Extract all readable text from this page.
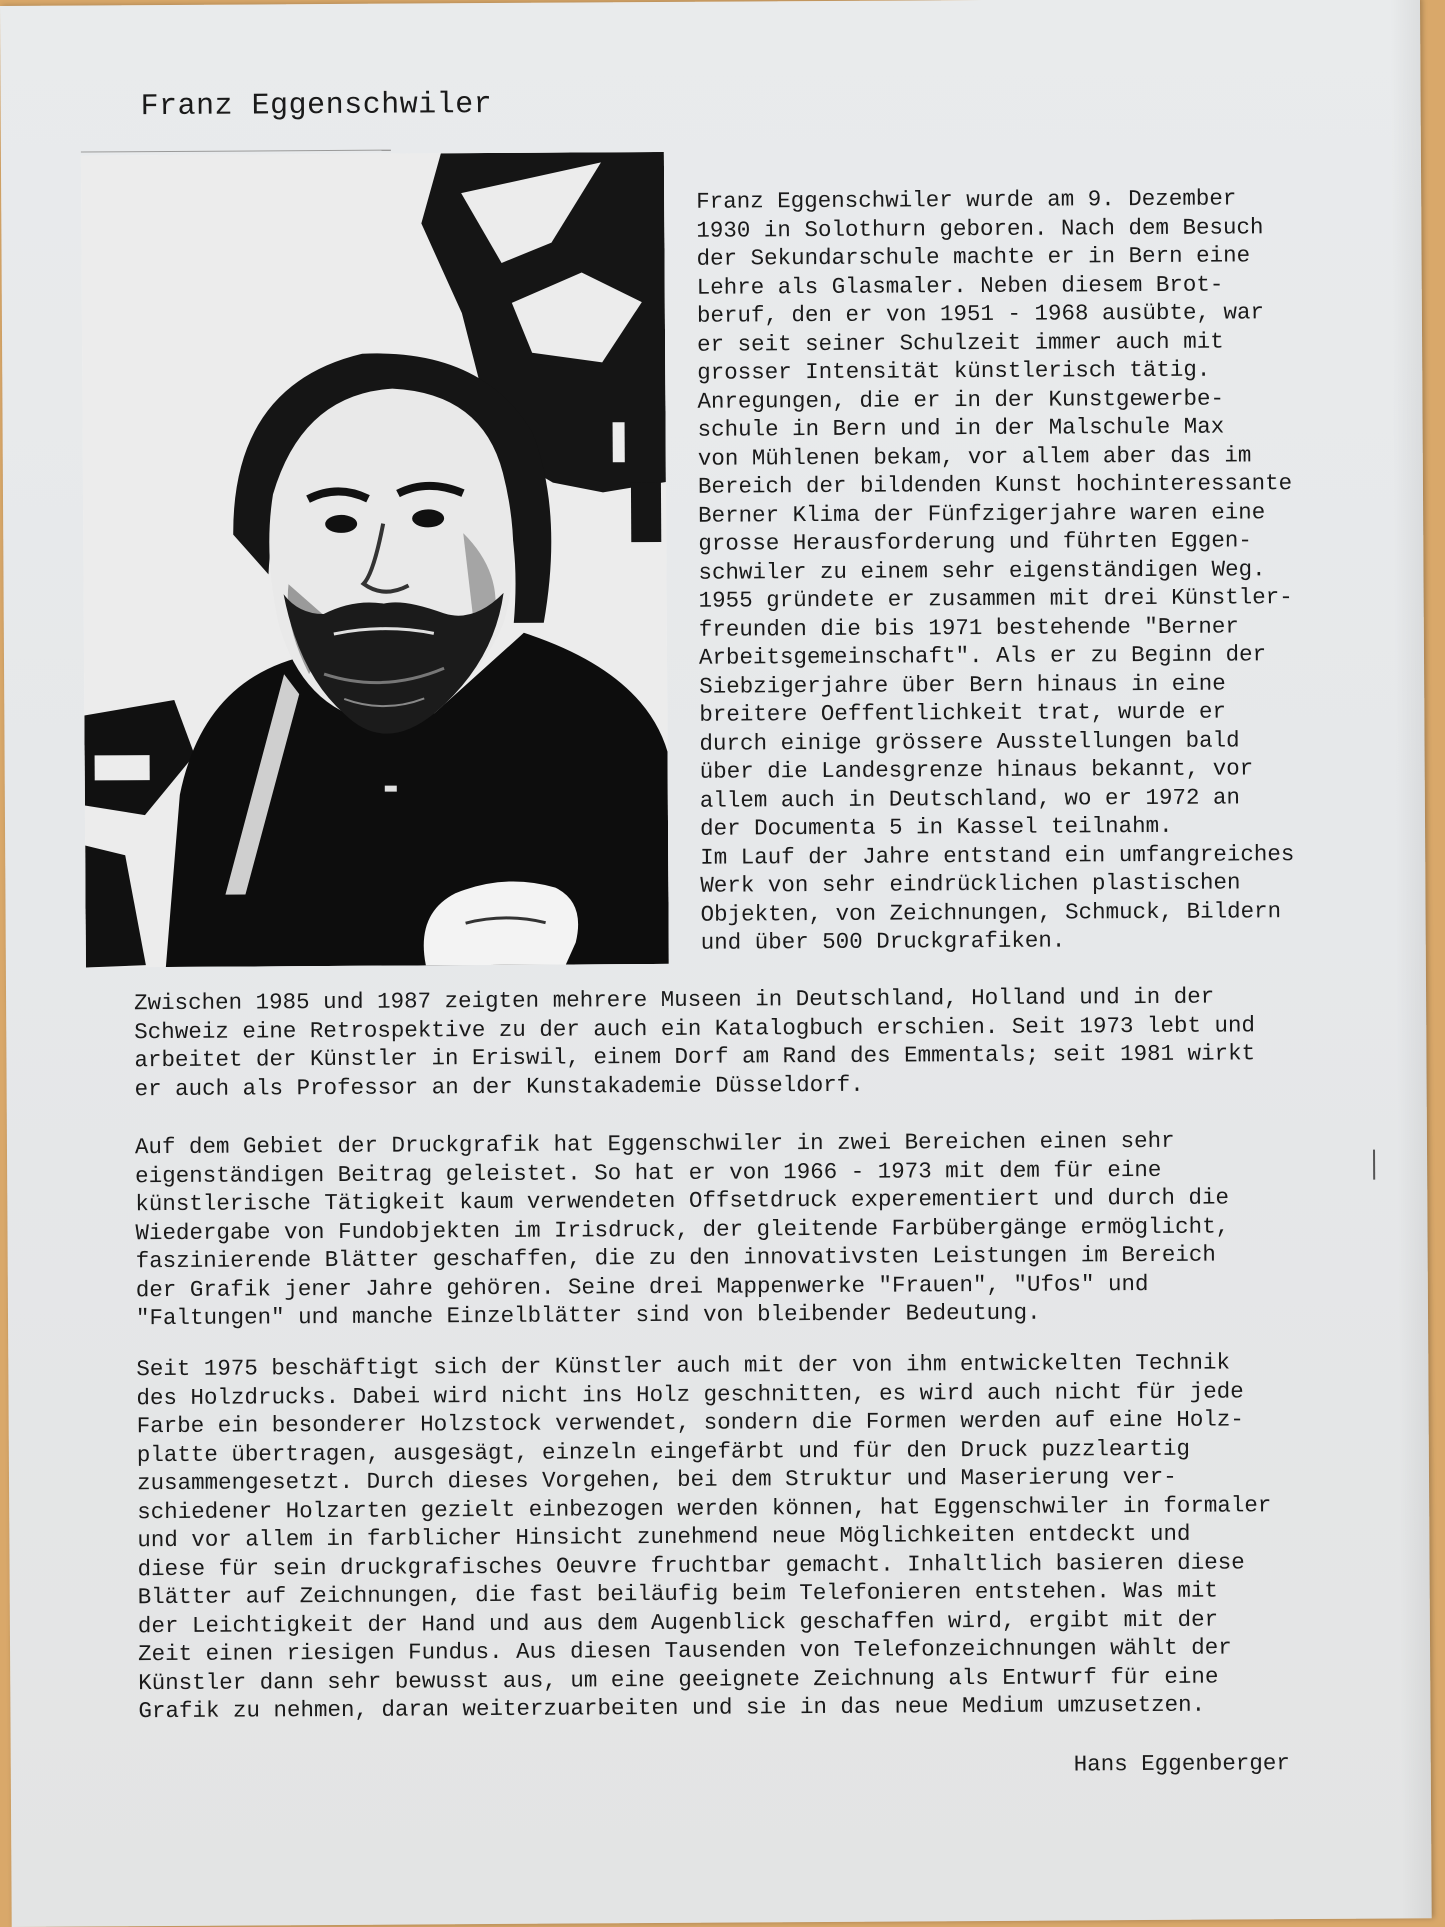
Franz Eggenschwiler

Franz Eggenschwiler wurde am 9. Dezember
1930 in Solothurn geboren. Nach dem Besuch
der Sekundarschule machte er in Bern eine
Lehre als Glasmaler. Neben diesem Brot-
beruf, den er von 1951 - 1968 ausübte, war
er seit seiner Schulzeit immer auch mit
grosser Intensität künstlerisch tätig.
Anregungen, die er in der Kunstgewerbe-
schule in Bern und in der Malschule Max
von Mühlenen bekam, vor allem aber das im
Bereich der bildenden Kunst hochinteressante
Berner Klima der Fünfzigerjahre waren eine
grosse Herausforderung und führten Eggen-
schwiler zu einem sehr eigenständigen Weg.
1955 gründete er zusammen mit drei Künstler-
freunden die bis 1971 bestehende "Berner
Arbeitsgemeinschaft". Als er zu Beginn der
Siebzigerjahre über Bern hinaus in eine
breitere Oeffentlichkeit trat, wurde er
durch einige grössere Ausstellungen bald
über die Landesgrenze hinaus bekannt, vor
allem auch in Deutschland, wo er 1972 an
der Documenta 5 in Kassel teilnahm.
Im Lauf der Jahre entstand ein umfangreiches
Werk von sehr eindrücklichen plastischen
Objekten, von Zeichnungen, Schmuck, Bildern
und über 500 Druckgrafiken.

Zwischen 1985 und 1987 zeigten mehrere Museen in Deutschland, Holland und in der
Schweiz eine Retrospektive zu der auch ein Katalogbuch erschien. Seit 1973 lebt und
arbeitet der Künstler in Eriswil, einem Dorf am Rand des Emmentals; seit 1981 wirkt
er auch als Professor an der Kunstakademie Düsseldorf.

Auf dem Gebiet der Druckgrafik hat Eggenschwiler in zwei Bereichen einen sehr
eigenständigen Beitrag geleistet. So hat er von 1966 - 1973 mit dem für eine
künstlerische Tätigkeit kaum verwendeten Offsetdruck experementiert und durch die
Wiedergabe von Fundobjekten im Irisdruck, der gleitende Farbübergänge ermöglicht,
faszinierende Blätter geschaffen, die zu den innovativsten Leistungen im Bereich
der Grafik jener Jahre gehören. Seine drei Mappenwerke "Frauen", "Ufos" und
"Faltungen" und manche Einzelblätter sind von bleibender Bedeutung.

Seit 1975 beschäftigt sich der Künstler auch mit der von ihm entwickelten Technik
des Holzdrucks. Dabei wird nicht ins Holz geschnitten, es wird auch nicht für jede
Farbe ein besonderer Holzstock verwendet, sondern die Formen werden auf eine Holz-
platte übertragen, ausgesägt, einzeln eingefärbt und für den Druck puzzleartig
zusammengesetzt. Durch dieses Vorgehen, bei dem Struktur und Maserierung ver-
schiedener Holzarten gezielt einbezogen werden können, hat Eggenschwiler in formaler
und vor allem in farblicher Hinsicht zunehmend neue Möglichkeiten entdeckt und
diese für sein druckgrafisches Oeuvre fruchtbar gemacht. Inhaltlich basieren diese
Blätter auf Zeichnungen, die fast beiläufig beim Telefonieren entstehen. Was mit
der Leichtigkeit der Hand und aus dem Augenblick geschaffen wird, ergibt mit der
Zeit einen riesigen Fundus. Aus diesen Tausenden von Telefonzeichnungen wählt der
Künstler dann sehr bewusst aus, um eine geeignete Zeichnung als Entwurf für eine
Grafik zu nehmen, daran weiterzuarbeiten und sie in das neue Medium umzusetzen.

Hans Eggenberger
